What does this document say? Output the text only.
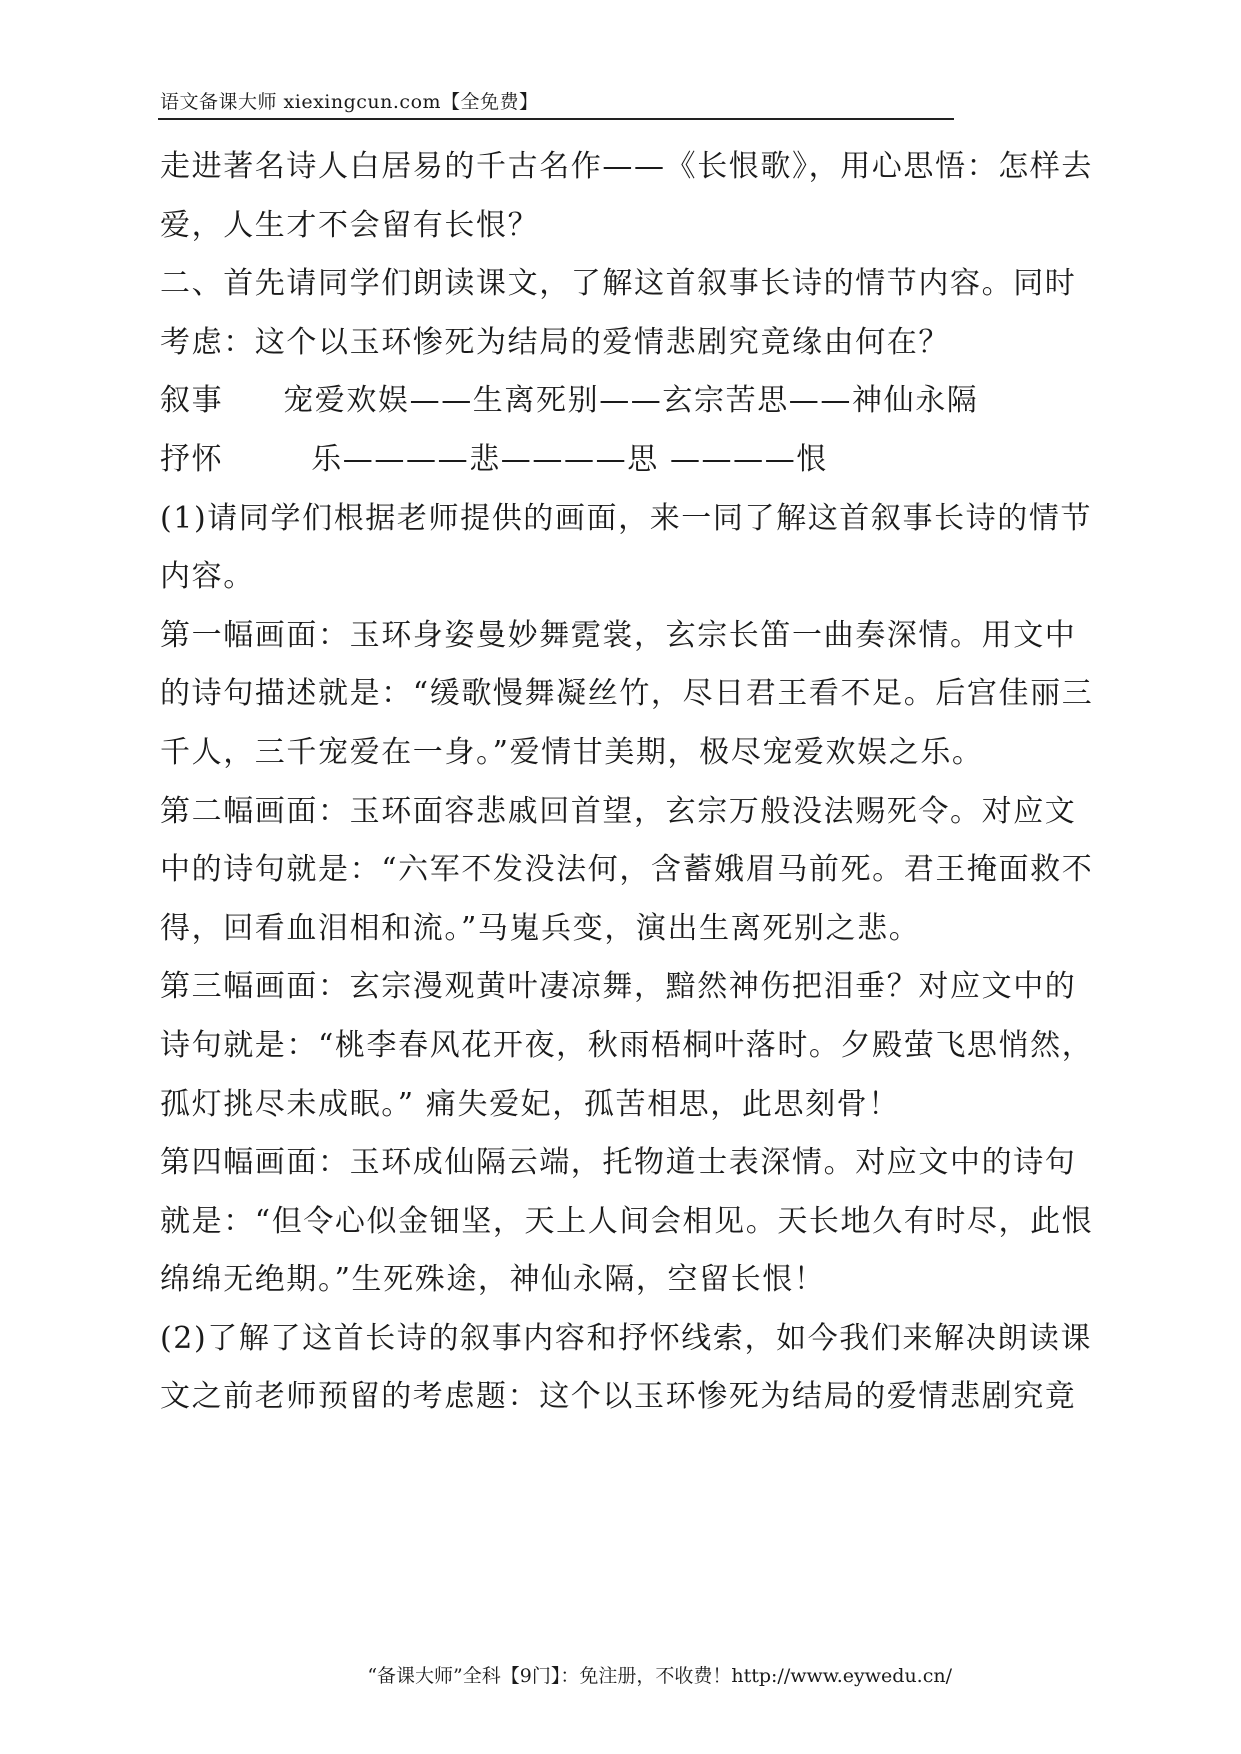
语文备课大师 xiexingcun.com【全免费】
走进著名诗人白居易的千古名作——《长恨歌》，用心思悟：怎样去
爱，人生才不会留有长恨？
二、首先请同学们朗读课文，了解这首叙事长诗的情节内容。同时
考虑：这个以玉环惨死为结局的爱情悲剧究竟缘由何在？
叙事 宠爱欢娱——生离死别——玄宗苦思——神仙永隔
抒怀	乐————悲————思 ————恨
(1)请同学们根据老师提供的画面，来一同了解这首叙事长诗的情节
内容。
第一幅画面：玉环身姿曼妙舞霓裳，玄宗长笛一曲奏深情。用文中
的诗句描述就是：“缓歌慢舞凝丝竹，尽日君王看不足。后宫佳丽三
千人，三千宠爱在一身。”爱情甘美期，极尽宠爱欢娱之乐。
第二幅画面：玉环面容悲戚回首望，玄宗万般没法赐死令。对应文
中的诗句就是：“六军不发没法何，含蓄娥眉马前死。君王掩面救不
得，回看血泪相和流。”马嵬兵变，演出生离死别之悲。
第三幅画面：玄宗漫观黄叶凄凉舞，黯然神伤把泪垂？对应文中的
诗句就是：“桃李春风花开夜，秋雨梧桐叶落时。夕殿萤飞思悄然，
孤灯挑尽未成眠。” 痛失爱妃，孤苦相思，此思刻骨！
第四幅画面：玉环成仙隔云端，托物道士表深情。对应文中的诗句
就是：“但令心似金钿坚，天上人间会相见。天长地久有时尽，此恨
绵绵无绝期。”生死殊途，神仙永隔，空留长恨！
(2)了解了这首长诗的叙事内容和抒怀线索，如今我们来解决朗读课
文之前老师预留的考虑题：这个以玉环惨死为结局的爱情悲剧究竟
“备课大师”全科【9门】：免注册，不收费！http://www.eywedu.cn/
